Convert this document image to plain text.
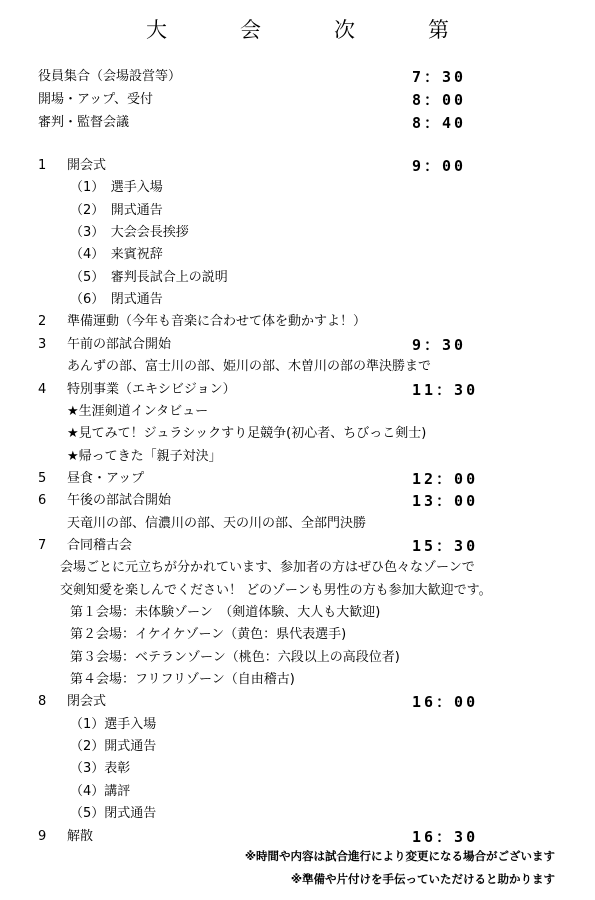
大　会　次　第
役員集合（会場設営等）	7：30
開場・アップ、受付	8：00
審判・監督会議	8：40
1 開会式	9：00
（1）　選手入場
（2）　開式通告
（3）　大会会長挨拶
（4）　来賓祝辞
（5）　審判長試合上の説明
（6）　閉式通告
2 準備運動（今年も音楽に合わせて体を動かすよ！）
3 午前の部試合開始	9：30
あんずの部、富士川の部、姫川の部、木曽川の部の準決勝まで
4 特別事業（エキシビジョン）	11：30
★生涯剣道インタビュー
★見てみて！ジュラシックすり足競争(初心者、ちびっこ剣士)
★帰ってきた「親子対決」
5 昼食・アップ	12：00
6 午後の部試合開始	13：00
天竜川の部、信濃川の部、天の川の部、全部門決勝
7 合同稽古会	15：30
会場ごとに元立ちが分かれています、参加者の方はぜひ色々なゾーンで
交剣知愛を楽しんでください！ どのゾーンも男性の方も参加大歓迎です。
第１会場：未体験ゾーン　（剣道体験、大人も大歓迎)
第２会場：イケイケゾーン（黄色：県代表選手)
第３会場：ベテランゾーン（桃色：六段以上の高段位者)
第４会場：フリフリゾーン（自由稽古)
8 閉会式	16：00
（1）選手入場
（2）開式通告
（3）表彰
（4）講評
（5）閉式通告
9 解散	16：30
※時間や内容は試合進行により変更になる場合がございます
※準備や片付けを手伝っていただけると助かります
